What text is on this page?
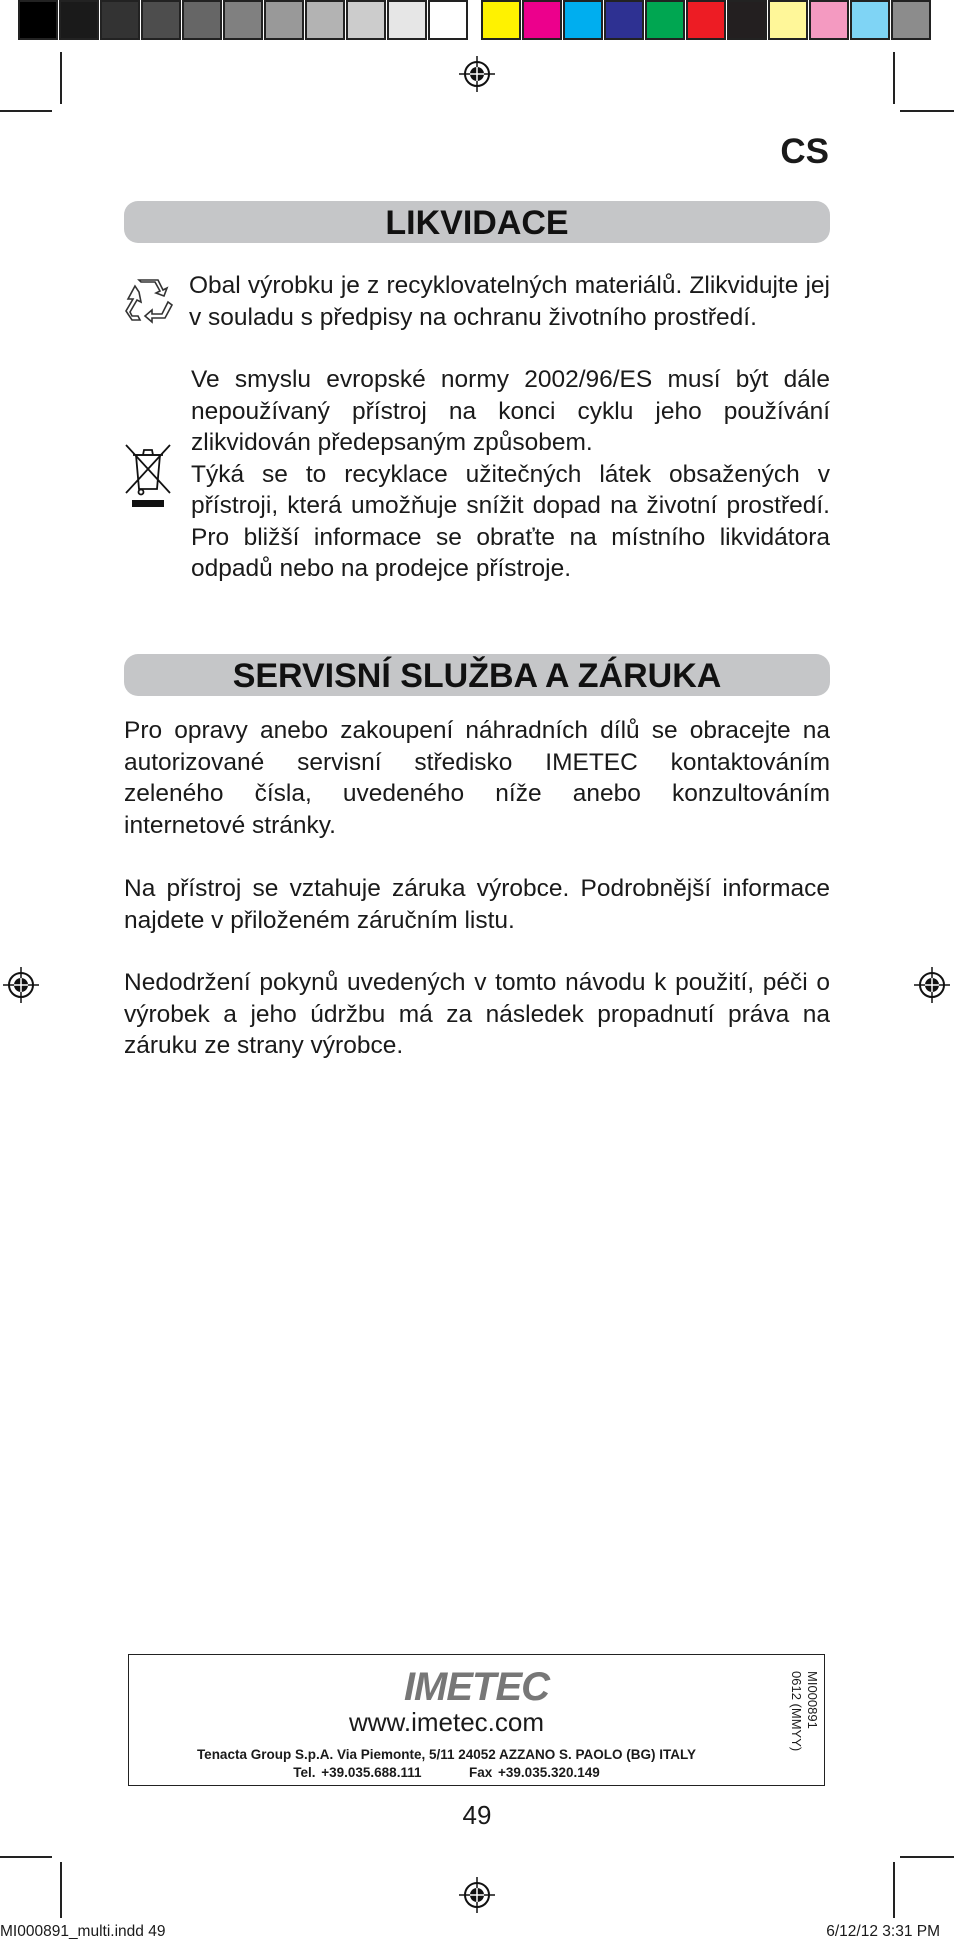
CS
LIKVIDACE
Obal výrobku je z recyklovatelných materiálů. Zlikvidujte jej v souladu s předpisy na ochranu životního prostředí.
Ve smyslu evropské normy 2002/96/ES musí být dále nepoužívaný přístroj na konci cyklu jeho používání zlikvidován předepsaným způsobem.
Týká se to recyklace užitečných látek obsažených v přístroji, která umožňuje snížit dopad na životní prostředí. Pro bližší informace se obraťte na místního likvidátora odpadů nebo na prodejce přístroje.
SERVISNÍ SLUŽBA A ZÁRUKA
Pro opravy anebo zakoupení náhradních dílů se obracejte na autorizované servisní středisko IMETEC kontaktováním zeleného čísla, uvedeného níže anebo konzultováním internetové stránky.
Na přístroj se vztahuje záruka výrobce. Podrobnější informace najdete v přiloženém záručním listu.
Nedodržení pokynů uvedených v tomto návodu k použití, péči o výrobek a jeho údržbu má za následek propadnutí práva na záruku ze strany výrobce.
IMETEC
www.imetec.com
Tenacta Group S.p.A. Via Piemonte, 5/11 24052 AZZANO S. PAOLO (BG) ITALY
Tel. +39.035.688.111	Fax +39.035.320.149
MI000891
0612 (MMYY)
49
MI000891_multi.indd 49	6/12/12 3:31 PM
